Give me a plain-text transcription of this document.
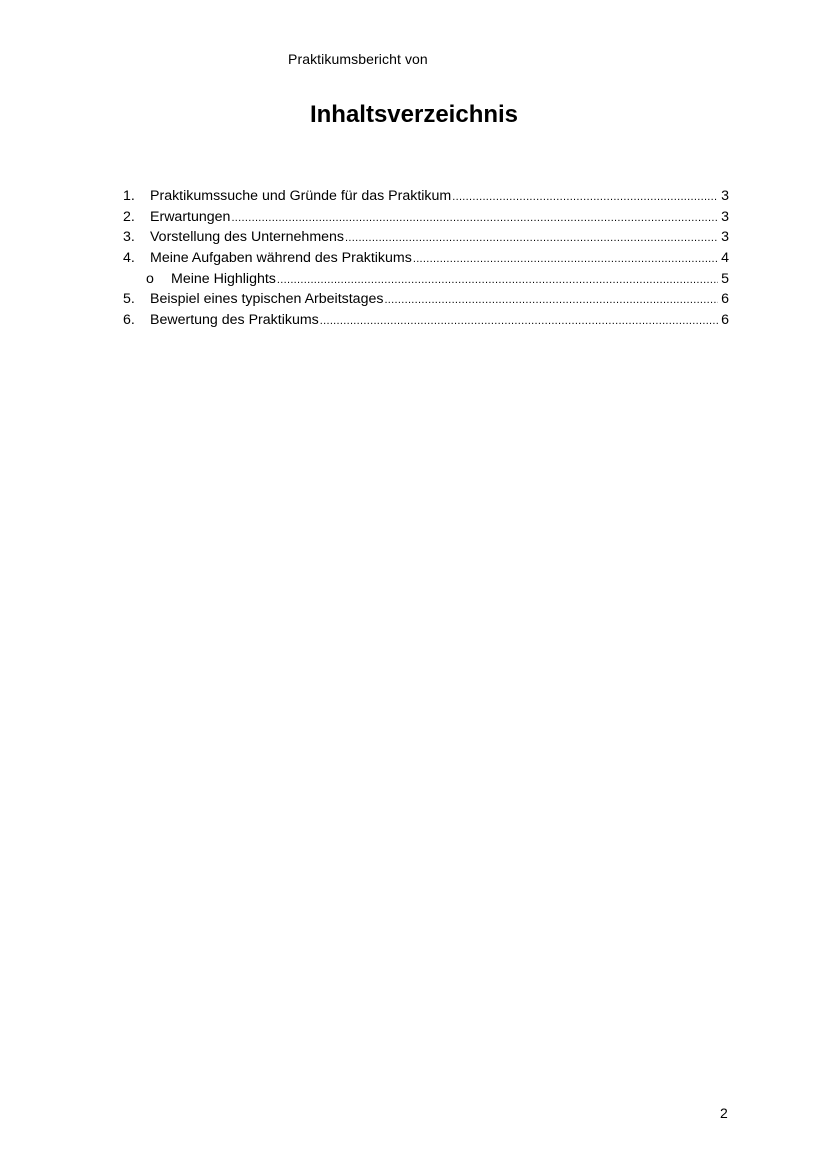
Praktikumsbericht von
Inhaltsverzeichnis
1.	Praktikumssuche und Gründe für das Praktikum .....	3
2.	Erwartungen .....	3
3.	Vorstellung des Unternehmens .....	3
4.	Meine Aufgaben während des Praktikums .....	4
o	Meine Highlights .....	5
5.	Beispiel eines typischen Arbeitstages .....	6
6.	Bewertung des Praktikums .....	6
2
